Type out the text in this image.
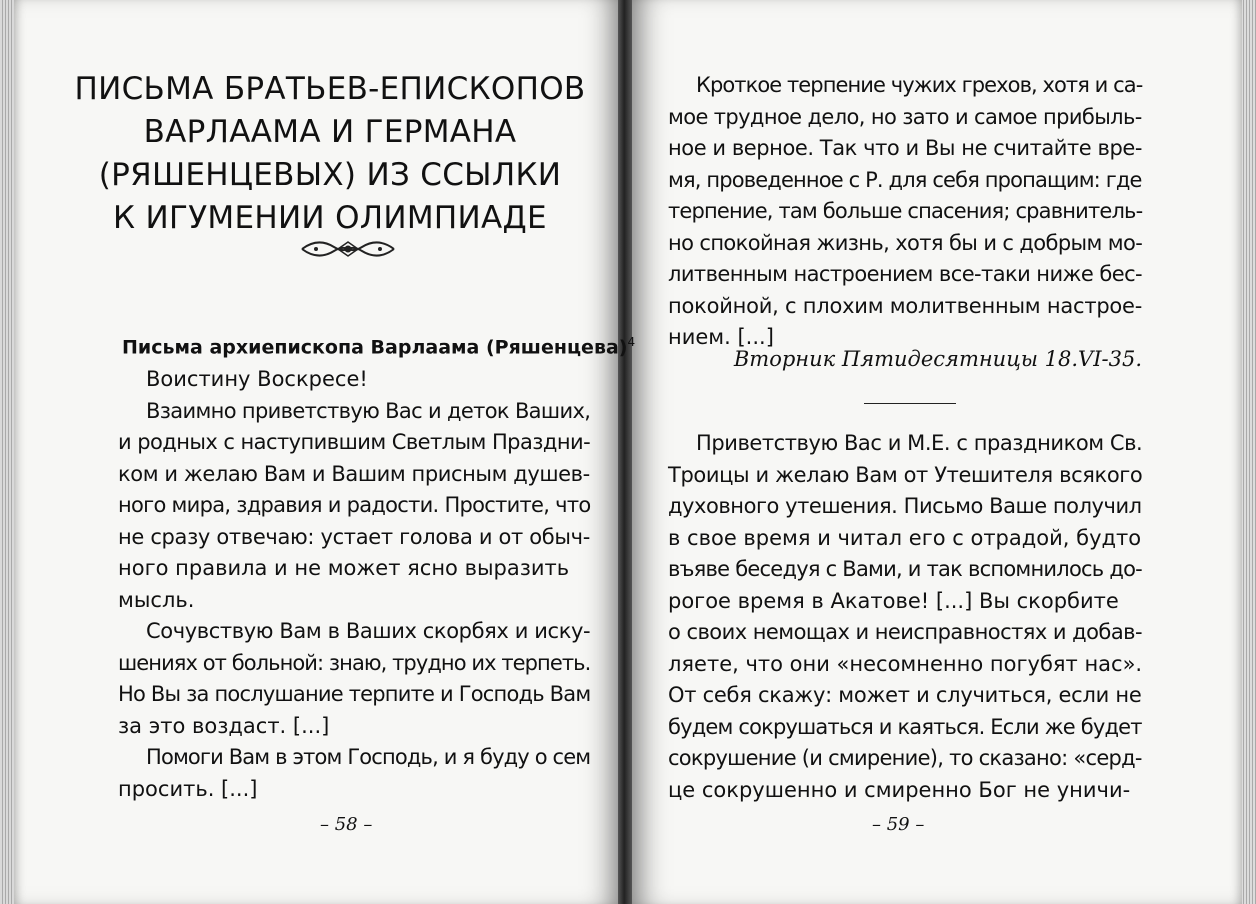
ПИСЬМА БРАТЬЕВ-ЕПИСКОПОВ
ВАРЛААМА И ГЕРМАНА
(РЯШЕНЦЕВЫХ) ИЗ ССЫЛКИ
К ИГУМЕНИИ ОЛИМПИАДЕ
Письма архиепископа Варлаама (Ряшенцева)$^4$
Воистину Воскресе!
Взаимно приветствую Вас и деток Ваших,
и родных с наступившим Светлым Праздни-
ком и желаю Вам и Вашим присным душев-
ного мира, здравия и радости. Простите, что
не сразу отвечаю: устает голова и от обыч-
ного правила и не может ясно выразить
мысль.
Сочувствую Вам в Ваших скорбях и иску-
шениях от больной: знаю, трудно их терпеть.
Но Вы за послушание терпите и Господь Вам
за это воздаст. [...]
Помоги Вам в этом Господь, и я буду о сем
просить. [...]
– 58 –
Кроткое терпение чужих грехов, хотя и са-
мое трудное дело, но зато и самое прибыль-
ное и верное. Так что и Вы не считайте вре-
мя, проведенное с Р. для себя пропащим: где
терпение, там больше спасения; сравнитель-
но спокойная жизнь, хотя бы и с добрым мо-
литвенным настроением все-таки ниже бес-
покойной, с плохим молитвенным настрое-
нием. [...]
Вторник Пятидесятницы 18.VI-35.
Приветствую Вас и М.Е. с праздником Св.
Троицы и желаю Вам от Утешителя всякого
духовного утешения. Письмо Ваше получил
в свое время и читал его с отрадой, будто
въяве беседуя с Вами, и так вспомнилось до-
рогое время в Акатове! [...] Вы скорбите
о своих немощах и неисправностях и добав-
ляете, что они «несомненно погубят нас».
От себя скажу: может и случиться, если не
будем сокрушаться и каяться. Если же будет
сокрушение (и смирение), то сказано: «серд-
це сокрушенно и смиренно Бог не уничи-
– 59 –
